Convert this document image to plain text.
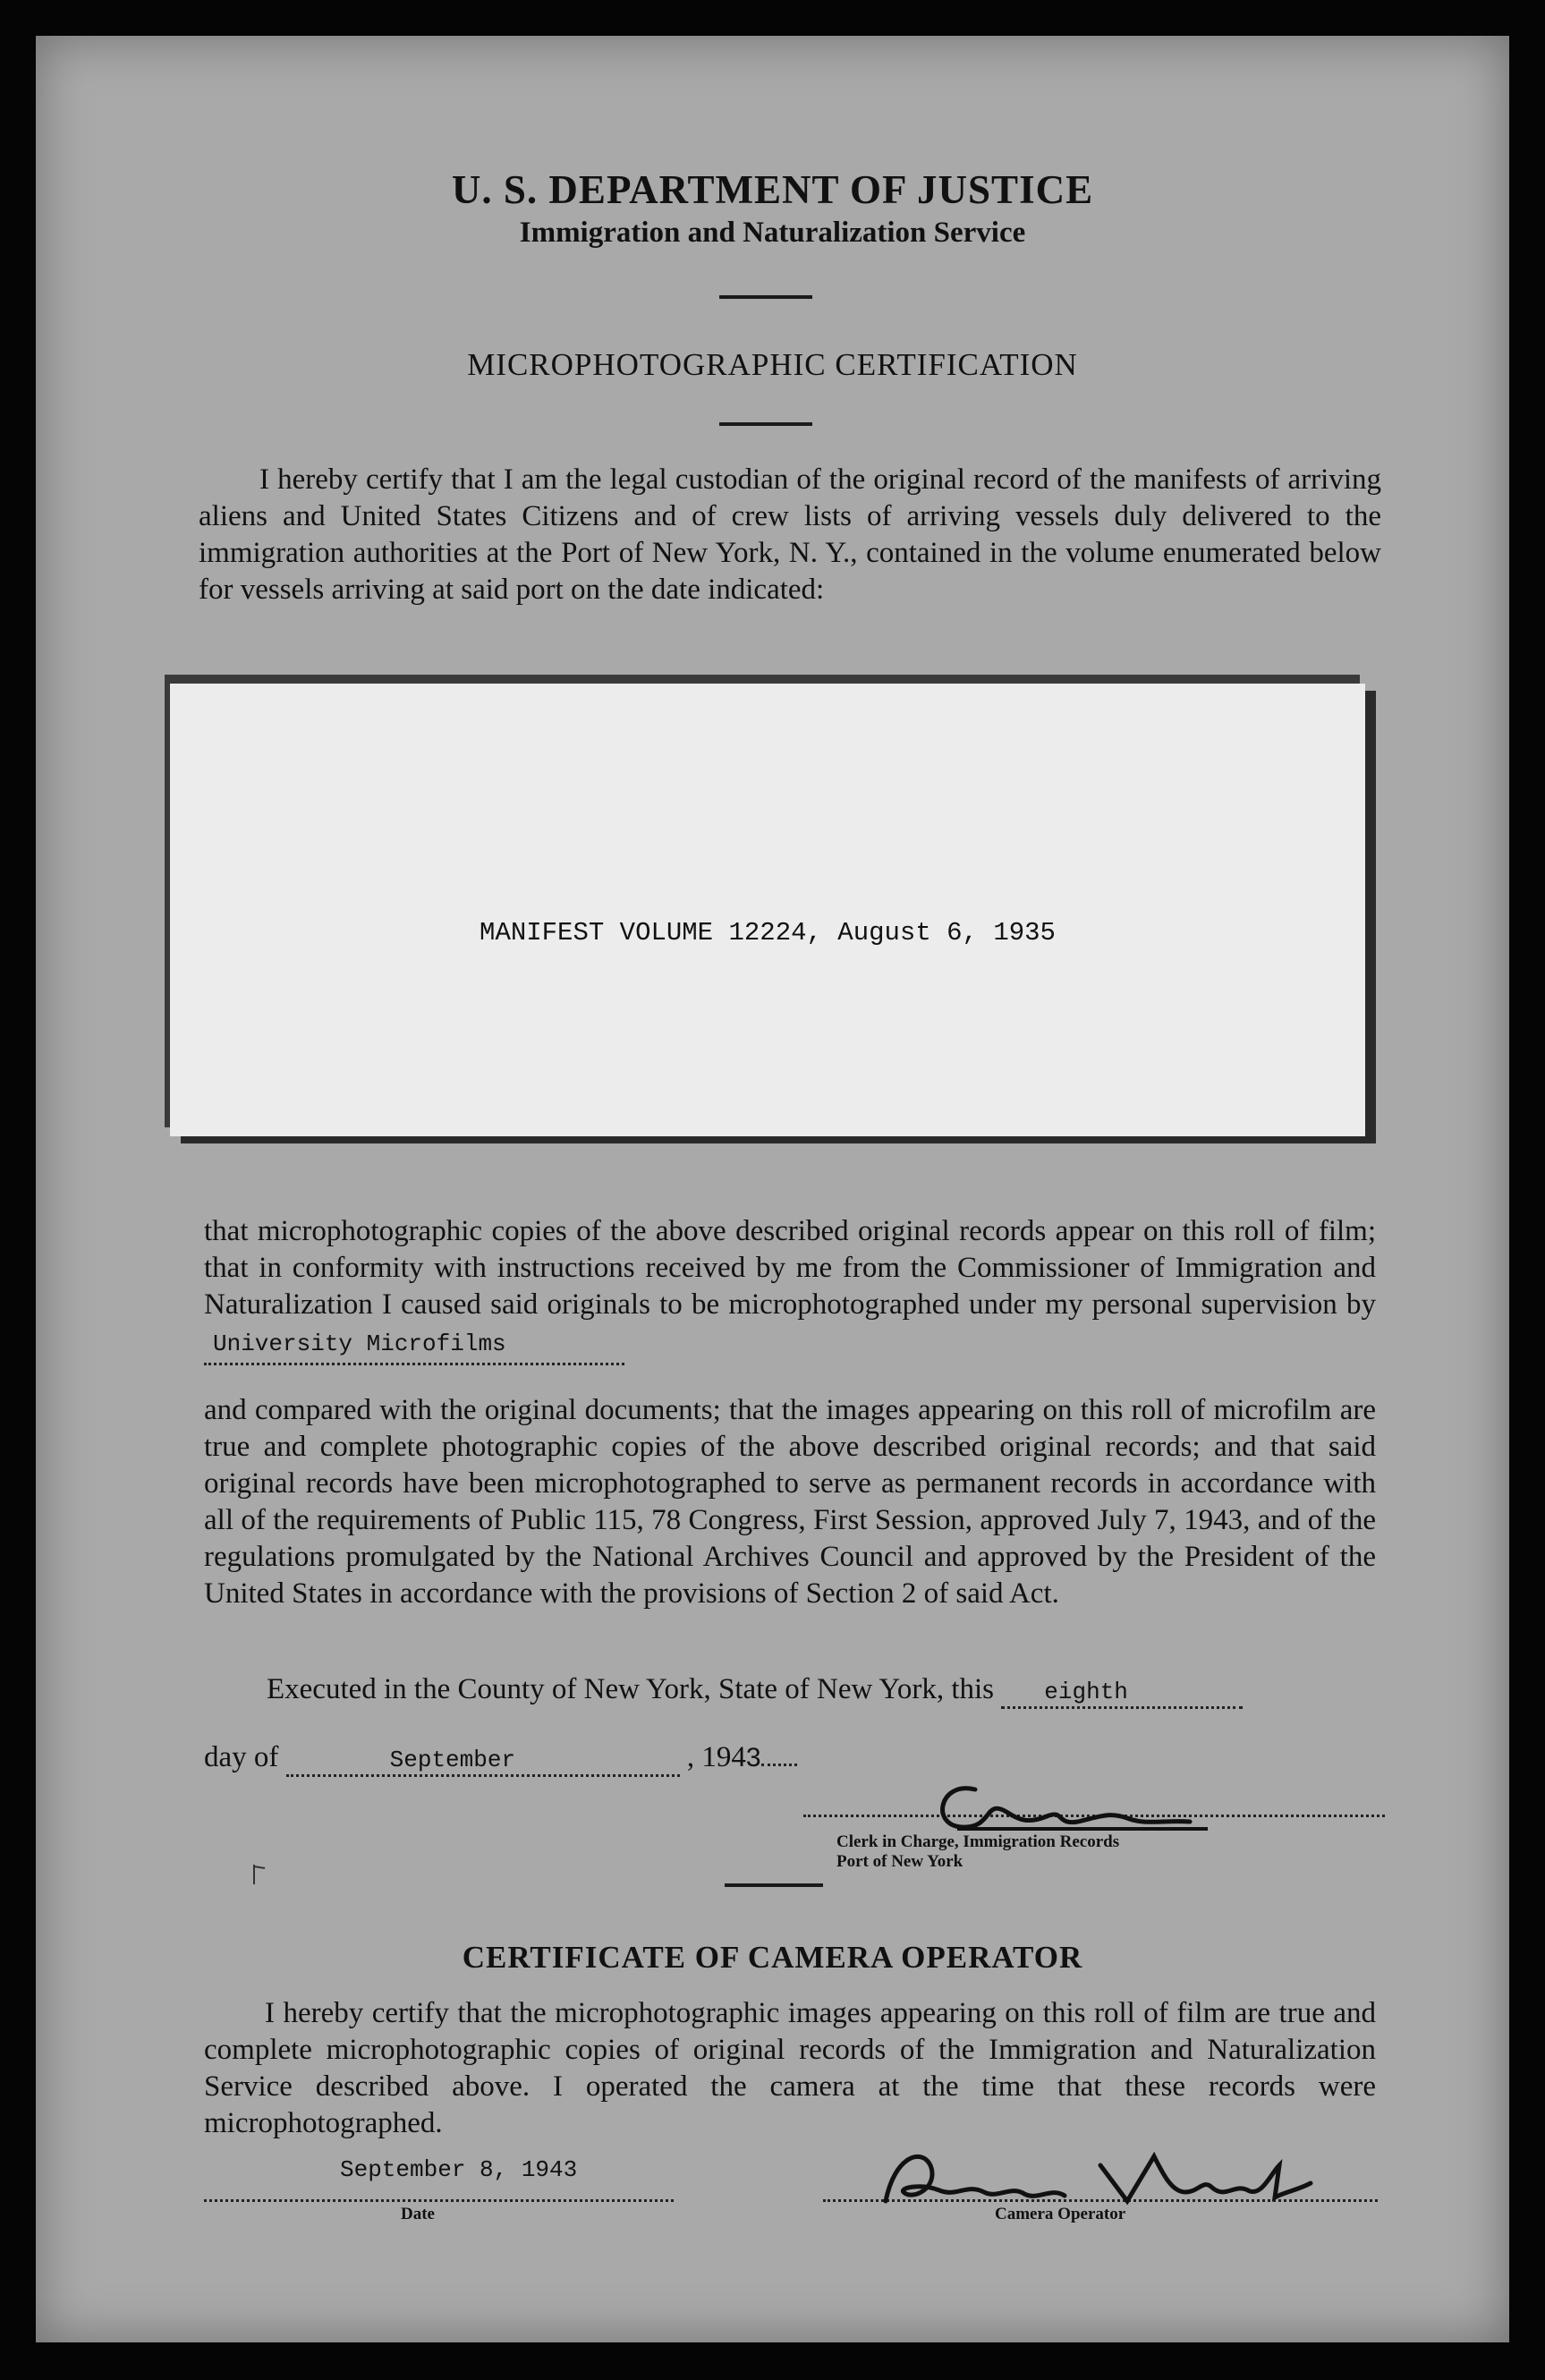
U. S. DEPARTMENT OF JUSTICE
Immigration and Naturalization Service
MICROPHOTOGRAPHIC CERTIFICATION
I hereby certify that I am the legal custodian of the original record of the manifests of arriving aliens and United States Citizens and of crew lists of arriving vessels duly delivered to the immigration authorities at the Port of New York, N. Y., contained in the volume enumerated below for vessels arriving at said port on the date indicated:
MANIFEST VOLUME 12224, August 6, 1935
that microphotographic copies of the above described original records appear on this roll of film; that in conformity with instructions received by me from the Commissioner of Immigration and Naturalization I caused said originals to be microphotographed under my personal supervision by University Microfilms
and compared with the original documents; that the images appearing on this roll of microfilm are true and complete photographic copies of the above described original records; and that said original records have been microphotographed to serve as permanent records in accordance with all of the requirements of Public 115, 78 Congress, First Session, approved July 7, 1943, and of the regulations promulgated by the National Archives Council and approved by the President of the United States in accordance with the provisions of Section 2 of said Act.
Executed in the County of New York, State of New York, this eighth
day of	September	, 1943
Clerk in Charge, Immigration Records
Port of New York
CERTIFICATE OF CAMERA OPERATOR
I hereby certify that the microphotographic images appearing on this roll of film are true and complete microphotographic copies of original records of the Immigration and Naturalization Service described above. I operated the camera at the time that these records were microphotographed.
September 8, 1943
Date	Camera Operator
